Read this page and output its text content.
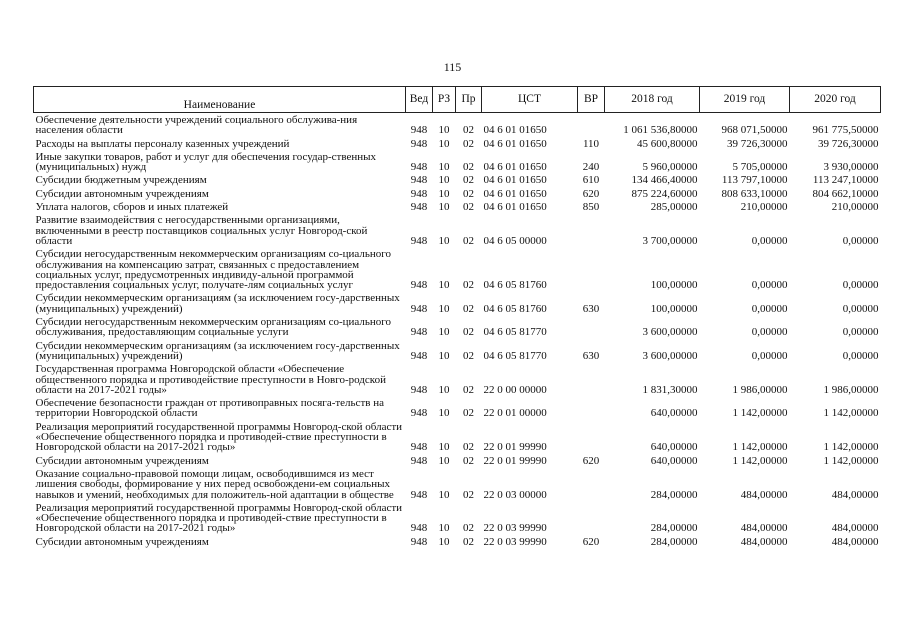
115
Наименование	Вед	РЗ	Пр	ЦСТ	ВР	2018 год	2019 год	2020 год
Обеспечение деятельности учреждений социального обслужива-ния населения области	948	10	02	04 6 01 01650		1 061 536,80000	968 071,50000	961 775,50000
Расходы на выплаты персоналу казенных учреждений	948	10	02	04 6 01 01650	110	45 600,80000	39 726,30000	39 726,30000
Иные закупки товаров, работ и услуг для обеспечения государ-ственных (муниципальных) нужд	948	10	02	04 6 01 01650	240	5 960,00000	5 705,00000	3 930,00000
Субсидии бюджетным учреждениям	948	10	02	04 6 01 01650	610	134 466,40000	113 797,10000	113 247,10000
Субсидии автономным учреждениям	948	10	02	04 6 01 01650	620	875 224,60000	808 633,10000	804 662,10000
Уплата налогов, сборов и иных платежей	948	10	02	04 6 01 01650	850	285,00000	210,00000	210,00000
Развитие взаимодействия с негосударственными организациями, включенными в реестр поставщиков социальных услуг Новгород-ской области	948	10	02	04 6 05 00000		3 700,00000	0,00000	0,00000
Субсидии негосударственным некоммерческим организациям со-циального обслуживания на компенсацию затрат, связанных с предоставлением социальных услуг, предусмотренных индивиду-альной программой предоставления социальных услуг, получате-лям социальных услуг	948	10	02	04 6 05 81760		100,00000	0,00000	0,00000
Субсидии некоммерческим организациям (за исключением госу-дарственных (муниципальных) учреждений)	948	10	02	04 6 05 81760	630	100,00000	0,00000	0,00000
Субсидии негосударственным некоммерческим организациям со-циального обслуживания, предоставляющим социальные услуги	948	10	02	04 6 05 81770		3 600,00000	0,00000	0,00000
Субсидии некоммерческим организациям (за исключением госу-дарственных (муниципальных) учреждений)	948	10	02	04 6 05 81770	630	3 600,00000	0,00000	0,00000
Государственная программа Новгородской области «Обеспечение общественного порядка и противодействие преступности в Новго-родской области на 2017-2021 годы»	948	10	02	22 0 00 00000		1 831,30000	1 986,00000	1 986,00000
Обеспечение безопасности граждан от противоправных посяга-тельств на территории Новгородской области	948	10	02	22 0 01 00000		640,00000	1 142,00000	1 142,00000
Реализация мероприятий государственной программы Новгород-ской области «Обеспечение общественного порядка и противодей-ствие преступности в Новгородской области на 2017-2021 годы»	948	10	02	22 0 01 99990		640,00000	1 142,00000	1 142,00000
Субсидии автономным учреждениям	948	10	02	22 0 01 99990	620	640,00000	1 142,00000	1 142,00000
Оказание социально-правовой помощи лицам, освободившимся из мест лишения свободы, формирование у них перед освобождени-ем социальных навыков и умений, необходимых для положитель-ной адаптации в обществе	948	10	02	22 0 03 00000		284,00000	484,00000	484,00000
Реализация мероприятий государственной программы Новгород-ской области «Обеспечение общественного порядка и противодей-ствие преступности в Новгородской области на 2017-2021 годы»	948	10	02	22 0 03 99990		284,00000	484,00000	484,00000
Субсидии автономным учреждениям	948	10	02	22 0 03 99990	620	284,00000	484,00000	484,00000
